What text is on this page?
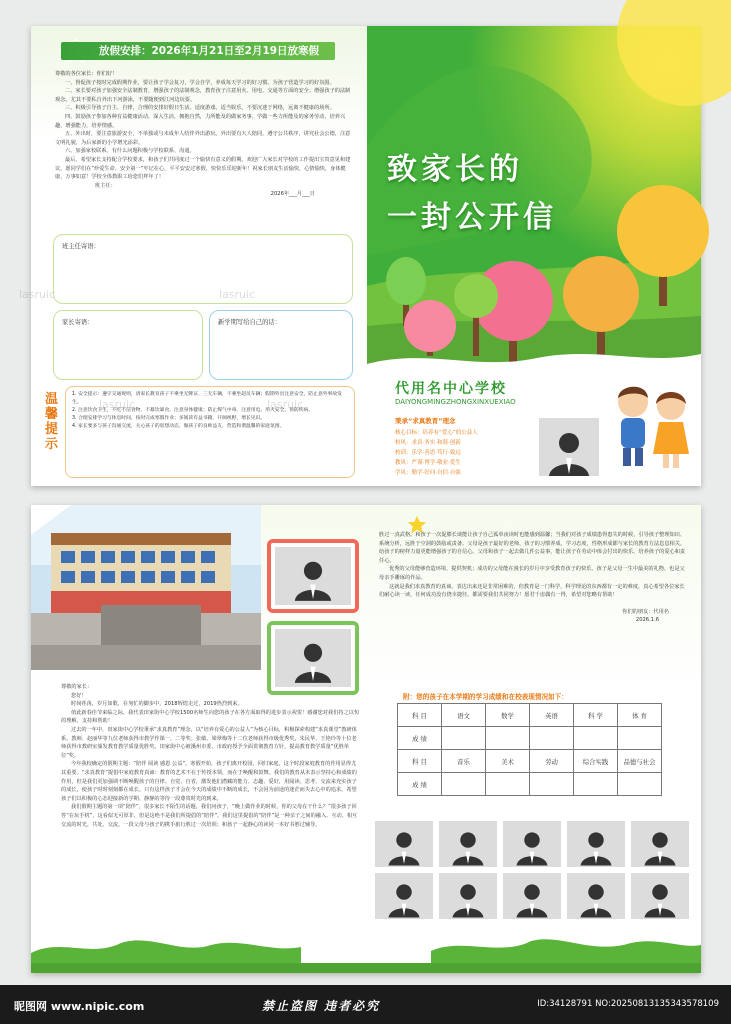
放假安排：2026年1月21日至2月19日放寒假
尊敬的各位家长：你们好！
一、督促孩子按时完成假期作业，要让孩子学会复习，学会自学，养成每天学习的好习惯。为孩子营造学习的好氛围。
二、家长要对孩子加强安全法制教育，增强孩子的法制观念，教育孩子注意用火、用电、交通等方面的安全；增强孩子的法制观念，尤其不要私自外出下河游泳，不要随便到江河边玩耍。
三、积极引导孩子自主、自律，合理的安排好假日生活。适度游戏、适当娱乐，不要沉迷于网络，远离不健康的场所。
四、鼓励孩子参加各种有益健康活动。深入生活，拥抱自然，力所能及的做家务事，学做一些力所能及的家务劳动，培养兴趣，增强能力，培养情感。
五、外出时，要注意旅游安全，不单独或与未成年人结伴外出游玩。外出要有大人陪同，遵守公共秩序，讲究社会公德，注意文明礼貌，为后家新的小学增光添彩。
六、加强家校联系。有什么问题积极与学校联系、沟通。
最后，希望家长支持配合学校要求，和孩子们共同度过一个愉快有意义的假期。欢迎广大家长对学校的工作提出宝贵意见和建议。愿同学们在“珍爱生命、安全第一”牢记在心，平平安安过寒假，快快乐乐迎新年！祝家长朋友生活愉快，心情愉快，身体健康，万事如意！学校全体教职工给您们拜年了！
班主任：
2026年___月___日
班主任寄语：
家长寄语：	新学期写给自己的话：
温馨提示
1. 安全提示：遵守交通规则，请家长教育孩子不乘坐无牌证、三无车辆，不乘坐超员车辆；假期外出注意安全，防止意外事故发生。
2. 注意饮食卫生，不吃不洁食物、不暴饮暴食，注意身体健康；防止煤气中毒，注意用电、用火安全，预防疾病。
3. 合理安排学习与休息时间，按时完成寒假作业；多阅读有益书籍，开阔视野，增长见识。
4. 家长要多与孩子沟通交流，关心孩子的思想动态，做孩子的良师益友，营造和谐温馨的家庭氛围。
致家长的
一封公开信
代用名中心学校
DAIYONGMINGZHONGXINXUEXIAO
秉承“求真教育”理念
核心目标：培养有“爱心”的公益人
校风：求真·务实·和谐·创新
校训：乐学·善思·笃行·致远
教风：严谨·博学·敬业·爱生
学风：勤学·好问·自信·自强
lasruic	lasruic
lasruic	lasruic
尊敬的家长：
您好！
时间荏苒，岁月如歌，在匆忙的脚步中，2018辉煌走过，2019热烈到来。
值此新春佳节来临之际，我代表田家街中心学校1500名师生向您的孩子在各方面取得的进步表示祝贺！感谢您对我们持之以恒的理解、支持和帮助！
过去的一年中，田家街中心学校秉承“求真教育”理念，以“培养有爱心的公益人”为核心目标，积极探索构建“求真课堂”教研体系。教师、赵丽华等九位老师获得市教学作课一、二等奖；张敏、梁翠梅等十二位老师获得市级优秀奖，朱民华、王艳玲等十位老师获得市教研室颁发教育教学质量优胜奖。田家街中心被溪州市委、市政府授予全面贯彻教育方针，提高教育教学质量“优胜单位”奖。
今年我校确定的假期主题：“陪伴 阅读 感恩 公益”。寒假开始，孩子们离开校园，回归家庭，这个时段家庭教育的作用显得尤其重要。“求真教育”提倡中家庭教育真谛：教育的艺术不在于传授本领，而在于唤醒和鼓舞。我们的教育从未表示坚持心和成绩的作用，但是我们更加强调不断唤醒孩子的自律、自觉、自省，激发他们潜藏的能力、志趣、爱好，用阅读、思考、交流来充实孩子的成长，使孩子时时刻刻都在成长。只有这样孩子才会在今天的成绩中不断的成长，不会因为前途的迷茫而失去心中的追求。希望孩子们以积极的心态迎接新的学期、静静的等待一段尊贵时光的到来。
我们假期主题的第一项“陪伴”，很多家长不陌生的话题，我们问孩子，“晚上做作业的时候，你的父母在干什么？”很多孩子回答“在玩手机”，这看似无可厚非，但是这绝不是我们所提倡的“陪伴”。我们这里提倡的“陪伴”是一种亲子之间的融入、互动、相互交流的时光，共处、交流。一段父母与孩子的携手旅行胜过一次培训；和孩子一起静心的读同一本好书胜过辅导。
胜过一真武格。和孩子一次促膝长谈能让孩子自己孤单夜读时也能感到温馨；当我们对孩子成绩患得患失的时候，引导孩子整理知识、系统分析，远胜于空洞的鼓励或责备。父母是孩子最好的老师，孩子的习惯养成，学习态度，性格形成都与家长的教育方法息息相关。给孩子的榜样力量更能增强孩子的自信心。父母和孩子一起去做几件公益事，能让孩子在劳动中体会付出的快乐，培养孩子的爱心和责任心。
优秀的父母能够营造环境，提供契机；成功的父母能在漫长的岁月中享受教育孩子的快乐。孩子是父母一生中最美的礼物，也是父母亲手雕琢的作品。
这就是我们求真教育的真谛。表达出来还是非常困难的，但教育是一门科学，科学理论的东西都有一定的难度，真心希望各位家长们耐心读一读，任何成功没有侥幸捷径，都需要我们共同努力！愿君千虑偶有一得，希望对您略有帮助！
你们的朋友：代用名
2026.1.6
附：您的孩子在本学期的学习成绩和在校表现情况如下：
科 目	语文	数学	英语	科 学	体 育
成 绩					
科 目	音乐	美术	劳动	综合实践	品德与社会
成 绩					
昵图网 www.nipic.com	禁止盗图 违者必究	ID:34128791 NO:20250813135343578109
